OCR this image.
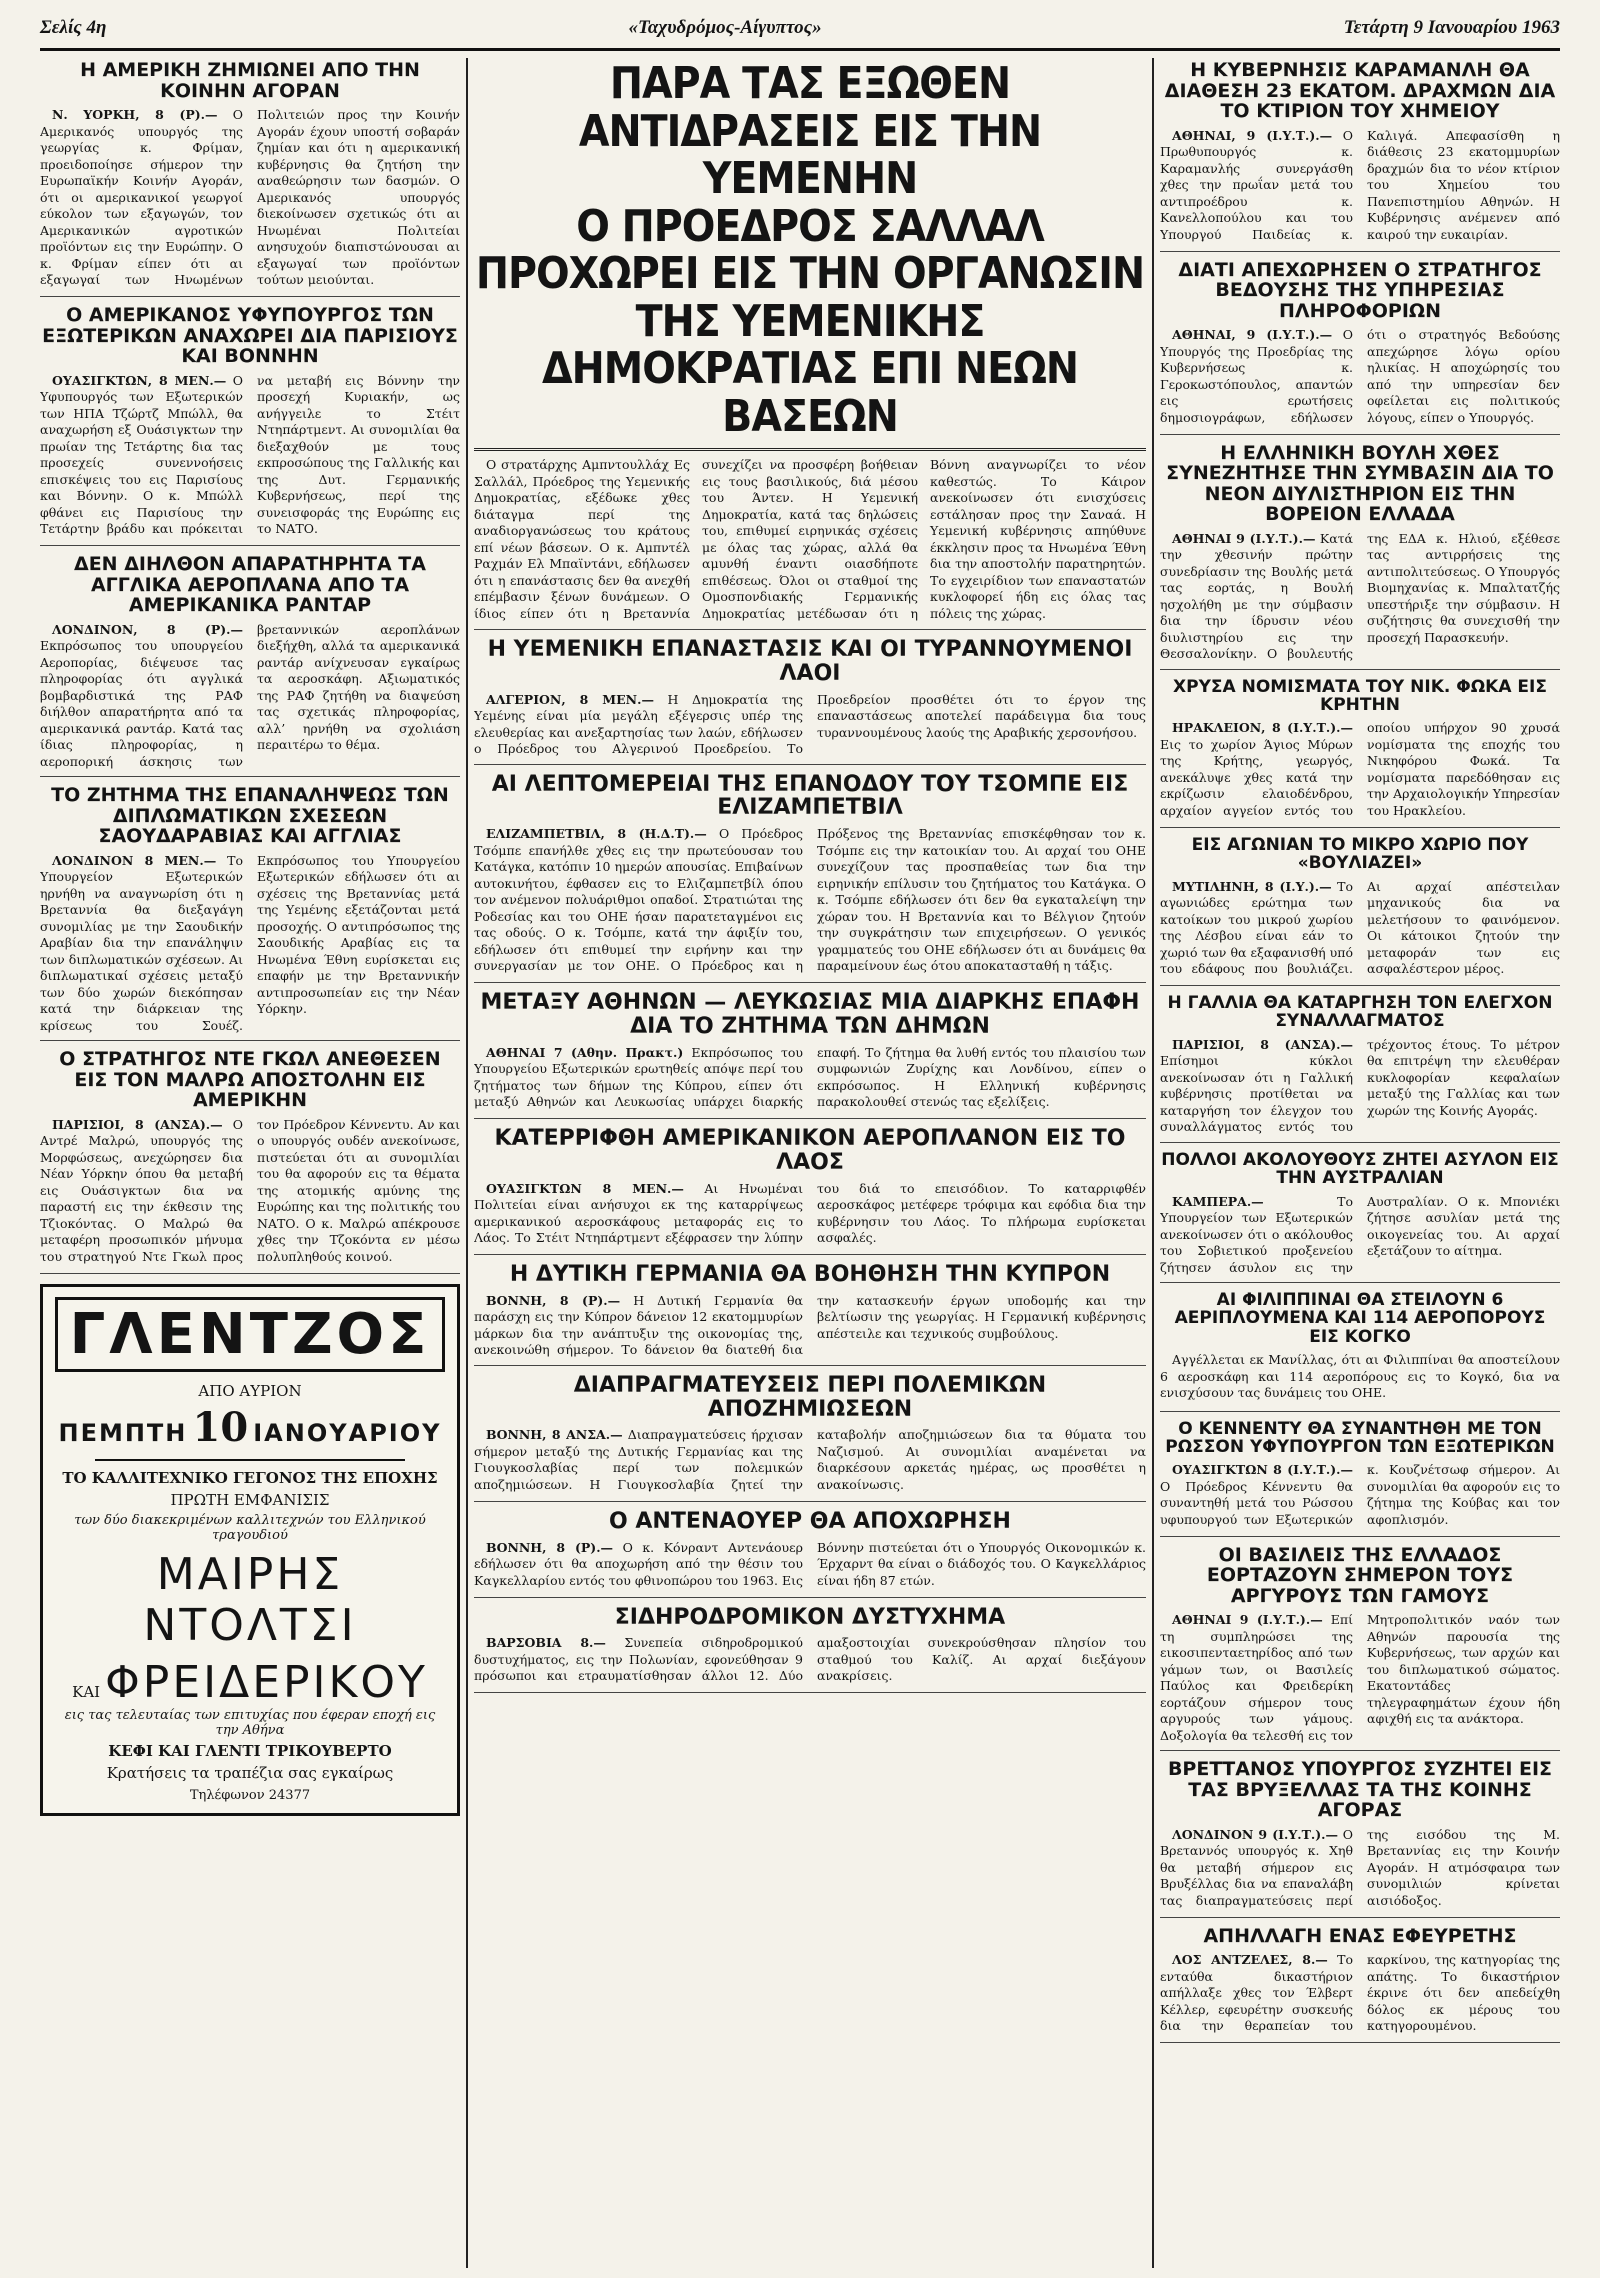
Σελίς 4η	«Ταχυδρόμος-Αίγυπτος»	Τετάρτη 9 Ιανουαρίου 1963
Η ΑΜΕΡΙΚΗ ΖΗΜΙΩΝΕΙ ΑΠΟ ΤΗΝ ΚΟΙΝΗΝ ΑΓΟΡΑΝ

Ν. ΥΟΡΚΗ, 8 (Ρ).— Ο Αμερικανός υπουργός της γεωργίας κ. Φρίμαν, προειδοποίησε σήμερον την Ευρωπαϊκήν Κοινήν Αγοράν, ότι οι αμερικανικοί γεωργοί εύκολον των εξαγωγών, τον Αμερικανικών αγροτικών προϊόντων εις την Ευρώπην. Ο κ. Φρίμαν είπεν ότι αι εξαγωγαί των Ηνωμένων Πολιτειών προς την Κοινήν Αγοράν έχουν υποστή σοβαράν ζημίαν και ότι η αμερικανική κυβέρνησις θα ζητήση την αναθεώρησιν των δασμών. Ο Αμερικανός υπουργός διεκοίνωσεν σχετικώς ότι αι Ηνωμέναι Πολιτείαι ανησυχούν διαπιστώνουσαι αι εξαγωγαί των προϊόντων τούτων μειούνται.

Ο ΑΜΕΡΙΚΑΝΟΣ ΥΦΥΠΟΥΡΓΟΣ ΤΩΝ ΕΞΩΤΕΡΙΚΩΝ ΑΝΑΧΩΡΕΙ ΔΙΑ ΠΑΡΙΣΙΟΥΣ ΚΑΙ ΒΟΝΝΗΝ

ΟΥΑΣΙΓΚΤΩΝ, 8 ΜΕΝ.— Ο Υφυπουργός των Εξωτερικών των ΗΠΑ Τζώρτζ Μπώλλ, θα αναχωρήση εξ Ουάσιγκτων την πρωίαν της Τετάρτης δια τας προσεχείς συνεννοήσεις επισκέψεις του εις Παρισίους και Βόννην. Ο κ. Μπώλλ φθάνει εις Παρισίους την Τετάρτην βράδυ και πρόκειται να μεταβή εις Βόννην την προσεχή Κυριακήν, ως ανήγγειλε το Στέιτ Ντηπάρτμεντ. Αι συνομιλίαι θα διεξαχθούν με τους εκπροσώπους της Γαλλικής και της Δυτ. Γερμανικής Κυβερνήσεως, περί της συνεισφοράς της Ευρώπης εις το ΝΑΤΟ.

ΔΕΝ ΔΙΗΛΘΟΝ ΑΠΑΡΑΤΗΡΗΤΑ ΤΑ ΑΓΓΛΙΚΑ ΑΕΡΟΠΛΑΝΑ ΑΠΟ ΤΑ ΑΜΕΡΙΚΑΝΙΚΑ ΡΑΝΤΑΡ

ΛΟΝΔΙΝΟΝ, 8 (Ρ).— Εκπρόσωπος του υπουργείου Αεροπορίας, διέψευσε τας πληροφορίας ότι αγγλικά βομβαρδιστικά της ΡΑΦ διήλθον απαρατήρητα από τα αμερικανικά ραντάρ. Κατά τας ίδιας πληροφορίας, η αεροπορική άσκησις των βρεταννικών αεροπλάνων διεξήχθη, αλλά τα αμερικανικά ραντάρ ανίχνευσαν εγκαίρως τα αεροσκάφη. Αξιωματικός της ΡΑΦ ζητήθη να διαψεύση τας σχετικάς πληροφορίας, αλλ’ ηρνήθη να σχολιάση περαιτέρω το θέμα.

ΤΟ ΖΗΤΗΜΑ ΤΗΣ ΕΠΑΝΑΛΗΨΕΩΣ ΤΩΝ ΔΙΠΛΩΜΑΤΙΚΩΝ ΣΧΕΣΕΩΝ ΣΑΟΥΔΑΡΑΒΙΑΣ ΚΑΙ ΑΓΓΛΙΑΣ

ΛΟΝΔΙΝΟΝ 8 ΜΕΝ.— Το Υπουργείον Εξωτερικών ηρνήθη να αναγνωρίση ότι η Βρεταννία θα διεξαγάγη συνομιλίας με την Σαουδικήν Αραβίαν δια την επανάληψιν των διπλωματικών σχέσεων. Αι διπλωματικαί σχέσεις μεταξύ των δύο χωρών διεκόπησαν κατά την διάρκειαν της κρίσεως του Σουέζ. Εκπρόσωπος του Υπουργείου Εξωτερικών εδήλωσεν ότι αι σχέσεις της Βρεταννίας μετά της Υεμένης εξετάζονται μετά προσοχής. Ο αντιπρόσωπος της Σαουδικής Αραβίας εις τα Ηνωμένα Έθνη ευρίσκεται εις επαφήν με την Βρεταννικήν αντιπροσωπείαν εις την Νέαν Υόρκην.

Ο ΣΤΡΑΤΗΓΟΣ ΝΤΕ ΓΚΩΛ ΑΝΕΘΕΣΕΝ ΕΙΣ ΤΟΝ ΜΑΛΡΩ ΑΠΟΣΤΟΛΗΝ ΕΙΣ ΑΜΕΡΙΚΗΝ

ΠΑΡΙΣΙΟΙ, 8 (ΑΝΣΑ).— Ο Αντρέ Μαλρώ, υπουργός της Μορφώσεως, ανεχώρησεν δια Νέαν Υόρκην όπου θα μεταβή εις Ουάσιγκτων δια να παραστή εις την έκθεσιν της Τζιοκόντας. Ο Μαλρώ θα μεταφέρη προσωπικόν μήνυμα του στρατηγού Ντε Γκωλ προς τον Πρόεδρον Κέννεντυ. Αν και ο υπουργός ουδέν ανεκοίνωσε, πιστεύεται ότι αι συνομιλίαι του θα αφορούν εις τα θέματα της ατομικής αμύνης της Ευρώπης και της πολιτικής του ΝΑΤΟ. Ο κ. Μαλρώ απέκρουσε χθες την Τζοκόντα εν μέσω πολυπληθούς κοινού.

ΓΛΕΝΤΖΟΣ
ΑΠΟ ΑΥΡΙΟΝ
ΠΕΜΠΤΗ 10 ΙΑΝΟΥΑΡΙΟΥ
ΤΟ ΚΑΛΛΙΤΕΧΝΙΚΟ ΓΕΓΟΝΟΣ ΤΗΣ ΕΠΟΧΗΣ
ΠΡΩΤΗ ΕΜΦΑΝΙΣΙΣ
των δύο διακεκριμένων καλλιτεχνών του Ελληνικού τραγουδιού
ΜΑΙΡΗΣ ΝΤΟΛΤΣΙ
ΚΑΙ ΦΡΕΙΔΕΡΙΚΟΥ
εις τας τελευταίας των επιτυχίας που έφεραν εποχή εις την Αθήνα
ΚΕΦΙ ΚΑΙ ΓΛΕΝΤΙ ΤΡΙΚΟΥΒΕΡΤΟ
Κρατήσεις τα τραπέζια σας εγκαίρως
Τηλέφωνον 24377
ΠΑΡΑ ΤΑΣ ΕΞΩΘΕΝ ΑΝΤΙΔΡΑΣΕΙΣ ΕΙΣ ΤΗΝ ΥΕΜΕΝΗΝ
Ο ΠΡΟΕΔΡΟΣ ΣΑΛΛΑΛ ΠΡΟΧΩΡΕΙ ΕΙΣ ΤΗΝ ΟΡΓΑΝΩΣΙΝ
ΤΗΣ ΥΕΜΕΝΙΚΗΣ ΔΗΜΟΚΡΑΤΙΑΣ ΕΠΙ ΝΕΩΝ ΒΑΣΕΩΝ

Ο στρατάρχης Αμπντουλλάχ Ες Σαλλάλ, Πρόεδρος της Υεμενικής Δημοκρατίας, εξέδωκε χθες διάταγμα περί της αναδιοργανώσεως του κράτους επί νέων βάσεων. Ο κ. Αμπντέλ Ραχμάν Ελ Μπαϊντάνι, εδήλωσεν ότι η επανάστασις δεν θα ανεχθή επέμβασιν ξένων δυνάμεων. Ο ίδιος είπεν ότι η Βρεταννία συνεχίζει να προσφέρη βοήθειαν εις τους βασιλικούς, διά μέσου του Άντεν. Η Υεμενική Δημοκρατία, κατά τας δηλώσεις του, επιθυμεί ειρηνικάς σχέσεις με όλας τας χώρας, αλλά θα αμυνθή έναντι οιασδήποτε επιθέσεως. Όλοι οι σταθμοί της Ομοσπονδιακής Γερμανικής Δημοκρατίας μετέδωσαν ότι η Βόννη αναγνωρίζει το νέον καθεστώς. Το Κάιρον ανεκοίνωσεν ότι ενισχύσεις εστάλησαν προς την Σαναά. Η Υεμενική κυβέρνησις απηύθυνε έκκλησιν προς τα Ηνωμένα Έθνη δια την αποστολήν παρατηρητών. Το εγχειρίδιον των επαναστατών κυκλοφορεί ήδη εις όλας τας πόλεις της χώρας.

Η ΥΕΜΕΝΙΚΗ ΕΠΑΝΑΣΤΑΣΙΣ ΚΑΙ ΟΙ ΤΥΡΑΝΝΟΥΜΕΝΟΙ ΛΑΟΙ

ΑΛΓΕΡΙΟΝ, 8 ΜΕΝ.— Η Δημοκρατία της Υεμένης είναι μία μεγάλη εξέγερσις υπέρ της ελευθερίας και ανεξαρτησίας των λαών, εδήλωσεν ο Πρόεδρος του Αλγερινού Προεδρείου. Το Προεδρείον προσθέτει ότι το έργον της επαναστάσεως αποτελεί παράδειγμα δια τους τυραννουμένους λαούς της Αραβικής χερσονήσου.

ΑΙ ΛΕΠΤΟΜΕΡΕΙΑΙ ΤΗΣ ΕΠΑΝΟΔΟΥ ΤΟΥ ΤΣΟΜΠΕ ΕΙΣ ΕΛΙΖΑΜΠΕΤΒΙΛ

ΕΛΙΖΑΜΠΕΤΒΙΛ, 8 (Η.Δ.Τ).— Ο Πρόεδρος Τσόμπε επανήλθε χθες εις την πρωτεύουσαν του Κατάγκα, κατόπιν 10 ημερών απουσίας. Επιβαίνων αυτοκινήτου, έφθασεν εις το Ελιζαμπετβίλ όπου τον ανέμενον πολυάριθμοι οπαδοί. Στρατιώται της Ροδεσίας και του ΟΗΕ ήσαν παρατεταγμένοι εις τας οδούς. Ο κ. Τσόμπε, κατά την άφιξίν του, εδήλωσεν ότι επιθυμεί την ειρήνην και την συνεργασίαν με τον ΟΗΕ. Ο Πρόεδρος και η Πρόξενος της Βρεταννίας επισκέφθησαν τον κ. Τσόμπε εις την κατοικίαν του. Αι αρχαί του ΟΗΕ συνεχίζουν τας προσπαθείας των δια την ειρηνικήν επίλυσιν του ζητήματος του Κατάγκα. Ο κ. Τσόμπε εδήλωσεν ότι δεν θα εγκαταλείψη την χώραν του. Η Βρεταννία και το Βέλγιον ζητούν την συγκράτησιν των επιχειρήσεων. Ο γενικός γραμματεύς του ΟΗΕ εδήλωσεν ότι αι δυνάμεις θα παραμείνουν έως ότου αποκατασταθή η τάξις.

ΜΕΤΑΞΥ ΑΘΗΝΩΝ — ΛΕΥΚΩΣΙΑΣ ΜΙΑ ΔΙΑΡΚΗΣ ΕΠΑΦΗ ΔΙΑ ΤΟ ΖΗΤΗΜΑ ΤΩΝ ΔΗΜΩΝ

ΑΘΗΝΑΙ 7 (Αθην. Πρακτ.) Εκπρόσωπος του Υπουργείου Εξωτερικών ερωτηθείς απόψε περί του ζητήματος των δήμων της Κύπρου, είπεν ότι μεταξύ Αθηνών και Λευκωσίας υπάρχει διαρκής επαφή. Το ζήτημα θα λυθή εντός του πλαισίου των συμφωνιών Ζυρίχης και Λονδίνου, είπεν ο εκπρόσωπος. Η Ελληνική κυβέρνησις παρακολουθεί στενώς τας εξελίξεις.

ΚΑΤΕΡΡΙΦΘΗ ΑΜΕΡΙΚΑΝΙΚΟΝ ΑΕΡΟΠΛΑΝΟΝ ΕΙΣ ΤΟ ΛΑΟΣ

ΟΥΑΣΙΓΚΤΩΝ 8 ΜΕΝ.— Αι Ηνωμέναι Πολιτείαι είναι ανήσυχοι εκ της καταρρίψεως αμερικανικού αεροσκάφους μεταφοράς εις το Λάος. Το Στέιτ Ντηπάρτμεντ εξέφρασεν την λύπην του διά το επεισόδιον. Το καταρριφθέν αεροσκάφος μετέφερε τρόφιμα και εφόδια δια την κυβέρνησιν του Λάος. Το πλήρωμα ευρίσκεται ασφαλές.

Η ΔΥΤΙΚΗ ΓΕΡΜΑΝΙΑ ΘΑ ΒΟΗΘΗΣΗ ΤΗΝ ΚΥΠΡΟΝ

ΒΟΝΝΗ, 8 (Ρ).— Η Δυτική Γερμανία θα παράσχη εις την Κύπρον δάνειον 12 εκατομμυρίων μάρκων δια την ανάπτυξιν της οικονομίας της, ανεκοινώθη σήμερον. Το δάνειον θα διατεθή δια την κατασκευήν έργων υποδομής και την βελτίωσιν της γεωργίας. Η Γερμανική κυβέρνησις απέστειλε και τεχνικούς συμβούλους.

ΔΙΑΠΡΑΓΜΑΤΕΥΣΕΙΣ ΠΕΡΙ ΠΟΛΕΜΙΚΩΝ ΑΠΟΖΗΜΙΩΣΕΩΝ

ΒΟΝΝΗ, 8 ΑΝΣΑ.— Διαπραγματεύσεις ήρχισαν σήμερον μεταξύ της Δυτικής Γερμανίας και της Γιουγκοσλαβίας περί των πολεμικών αποζημιώσεων. Η Γιουγκοσλαβία ζητεί την καταβολήν αποζημιώσεων δια τα θύματα του Ναζισμού. Αι συνομιλίαι αναμένεται να διαρκέσουν αρκετάς ημέρας, ως προσθέτει η ανακοίνωσις.

Ο ΑΝΤΕΝΑΟΥΕΡ ΘΑ ΑΠΟΧΩΡΗΣΗ

ΒΟΝΝΗ, 8 (Ρ).— Ο κ. Κόνραντ Αντενάουερ εδήλωσεν ότι θα αποχωρήση από την θέσιν του Καγκελλαρίου εντός του φθινοπώρου του 1963. Εις Βόννην πιστεύεται ότι ο Υπουργός Οικονομικών κ. Έρχαρντ θα είναι ο διάδοχός του. Ο Καγκελλάριος είναι ήδη 87 ετών.

ΣΙΔΗΡΟΔΡΟΜΙΚΟΝ ΔΥΣΤΥΧΗΜΑ

ΒΑΡΣΟΒΙΑ 8.— Συνεπεία σιδηροδρομικού δυστυχήματος, εις την Πολωνίαν, εφονεύθησαν 9 πρόσωποι και ετραυματίσθησαν άλλοι 12. Δύο αμαξοστοιχίαι συνεκρούσθησαν πλησίον του σταθμού του Καλίζ. Αι αρχαί διεξάγουν ανακρίσεις.

Η ΚΥΒΕΡΝΗΣΙΣ ΚΑΡΑΜΑΝΛΗ ΘΑ ΔΙΑΘΕΣΗ 23 ΕΚΑΤΟΜ. ΔΡΑΧΜΩΝ ΔΙΑ ΤΟ ΚΤΙΡΙΟΝ ΤΟΥ ΧΗΜΕΙΟΥ

ΑΘΗΝΑΙ, 9 (Ι.Υ.Τ.).— Ο Πρωθυπουργός κ. Καραμανλής συνεργάσθη χθες την πρωΐαν μετά του αντιπροέδρου κ. Κανελλοπούλου και του Υπουργού Παιδείας κ. Καλιγά. Απεφασίσθη η διάθεσις 23 εκατομμυρίων δραχμών δια το νέον κτίριον του Χημείου του Πανεπιστημίου Αθηνών. Η Κυβέρνησις ανέμενεν από καιρού την ευκαιρίαν.

ΔΙΑΤΙ ΑΠΕΧΩΡΗΣΕΝ Ο ΣΤΡΑΤΗΓΟΣ ΒΕΔΟΥΣΗΣ ΤΗΣ ΥΠΗΡΕΣΙΑΣ ΠΛΗΡΟΦΟΡΙΩΝ

ΑΘΗΝΑΙ, 9 (Ι.Υ.Τ.).— Ο Υπουργός της Προεδρίας της Κυβερνήσεως κ. Γεροκωστόπουλος, απαντών εις ερωτήσεις δημοσιογράφων, εδήλωσεν ότι ο στρατηγός Βεδούσης απεχώρησε λόγω ορίου ηλικίας. Η αποχώρησίς του από την υπηρεσίαν δεν οφείλεται εις πολιτικούς λόγους, είπεν ο Υπουργός.

Η ΕΛΛΗΝΙΚΗ ΒΟΥΛΗ ΧΘΕΣ ΣΥΝΕΖΗΤΗΣΕ ΤΗΝ ΣΥΜΒΑΣΙΝ ΔΙΑ ΤΟ ΝΕΟΝ ΔΙΥΛΙΣΤΗΡΙΟΝ ΕΙΣ ΤΗΝ ΒΟΡΕΙΟΝ ΕΛΛΑΔΑ

ΑΘΗΝΑΙ 9 (Ι.Υ.Τ.).— Κατά την χθεσινήν πρώτην συνεδρίασιν της Βουλής μετά τας εορτάς, η Βουλή ησχολήθη με την σύμβασιν δια την ίδρυσιν νέου διυλιστηρίου εις την Θεσσαλονίκην. Ο βουλευτής της ΕΔΑ κ. Ηλιού, εξέθεσε τας αντιρρήσεις της αντιπολιτεύσεως. Ο Υπουργός Βιομηχανίας κ. Μπαλτατζής υπεστήριξε την σύμβασιν. Η συζήτησις θα συνεχισθή την προσεχή Παρασκευήν.

ΧΡΥΣΑ ΝΟΜΙΣΜΑΤΑ ΤΟΥ ΝΙΚ. ΦΩΚΑ ΕΙΣ ΚΡΗΤΗΝ

ΗΡΑΚΛΕΙΟΝ, 8 (Ι.Υ.Τ.).— Εις το χωρίον Άγιος Μύρων της Κρήτης, γεωργός, ανεκάλυψε χθες κατά την εκρίζωσιν ελαιοδένδρου, αρχαίον αγγείον εντός του οποίου υπήρχον 90 χρυσά νομίσματα της εποχής του Νικηφόρου Φωκά. Τα νομίσματα παρεδόθησαν εις την Αρχαιολογικήν Υπηρεσίαν του Ηρακλείου.

ΕΙΣ ΑΓΩΝΙΑΝ ΤΟ ΜΙΚΡΟ ΧΩΡΙΟ ΠΟΥ «ΒΟΥΛΙΑΖΕΙ»

ΜΥΤΙΛΗΝΗ, 8 (Ι.Υ.).— Το αγωνιώδες ερώτημα των κατοίκων του μικρού χωρίου της Λέσβου είναι εάν το χωριό των θα εξαφανισθή υπό του εδάφους που βουλιάζει. Αι αρχαί απέστειλαν μηχανικούς δια να μελετήσουν το φαινόμενον. Οι κάτοικοι ζητούν την μεταφοράν των εις ασφαλέστερον μέρος.

Η ΓΑΛΛΙΑ ΘΑ ΚΑΤΑΡΓΗΣΗ ΤΟΝ ΕΛΕΓΧΟΝ ΣΥΝΑΛΛΑΓΜΑΤΟΣ

ΠΑΡΙΣΙΟΙ, 8 (ΑΝΣΑ).— Επίσημοι κύκλοι ανεκοίνωσαν ότι η Γαλλική κυβέρνησις προτίθεται να καταργήση τον έλεγχον του συναλλάγματος εντός του τρέχοντος έτους. Το μέτρον θα επιτρέψη την ελευθέραν κυκλοφορίαν κεφαλαίων μεταξύ της Γαλλίας και των χωρών της Κοινής Αγοράς.

ΠΟΛΛΟΙ ΑΚΟΛΟΥΘΟΥΣ ΖΗΤΕΙ ΑΣΥΛΟΝ ΕΙΣ ΤΗΝ ΑΥΣΤΡΑΛΙΑΝ

ΚΑΜΠΕΡΑ.—	Το Υπουργείον των Εξωτερικών ανεκοίνωσεν ότι ο ακόλουθος του Σοβιετικού προξενείου ζήτησεν άσυλον εις την Αυστραλίαν. Ο κ. Μπονιέκι ζήτησε ασυλίαν μετά της οικογενείας του. Αι αρχαί εξετάζουν το αίτημα.

ΑΙ ΦΙΛΙΠΠΙΝΑΙ ΘΑ ΣΤΕΙΛΟΥΝ 6 ΑΕΡΙΠΛΟΥΜΕΝΑ ΚΑΙ 114 ΑΕΡΟΠΟΡΟΥΣ ΕΙΣ ΚΟΓΚΟ

Αγγέλλεται εκ Μανίλλας, ότι αι Φιλιππίναι θα αποστείλουν 6 αεροσκάφη και 114 αεροπόρους εις το Κογκό, δια να ενισχύσουν τας δυνάμεις του ΟΗΕ.

Ο ΚΕΝΝΕΝΤΥ ΘΑ ΣΥΝΑΝΤΗΘΗ ΜΕ ΤΟΝ ΡΩΣΣΟΝ ΥΦΥΠΟΥΡΓΟΝ ΤΩΝ ΕΞΩΤΕΡΙΚΩΝ

ΟΥΑΣΙΓΚΤΩΝ 8 (Ι.Υ.Τ.).— Ο Πρόεδρος Κέννεντυ θα συναντηθή μετά του Ρώσσου υφυπουργού των Εξωτερικών κ. Κουζνέτσωφ σήμερον. Αι συνομιλίαι θα αφορούν εις το ζήτημα της Κούβας και τον αφοπλισμόν.

ΟΙ ΒΑΣΙΛΕΙΣ ΤΗΣ ΕΛΛΑΔΟΣ ΕΟΡΤΑΖΟΥΝ ΣΗΜΕΡΟΝ ΤΟΥΣ ΑΡΓΥΡΟΥΣ ΤΩΝ ΓΑΜΟΥΣ

ΑΘΗΝΑΙ 9 (Ι.Υ.Τ.).— Επί τη συμπληρώσει της εικοσιπενταετηρίδος από των γάμων των, οι Βασιλείς Παύλος και Φρειδερίκη εορτάζουν σήμερον τους αργυρούς των γάμους. Δοξολογία θα τελεσθή εις τον Μητροπολιτικόν ναόν των Αθηνών παρουσία της Κυβερνήσεως, των αρχών και του διπλωματικού σώματος. Εκατοντάδες τηλεγραφημάτων έχουν ήδη αφιχθή εις τα ανάκτορα.

ΒΡΕΤΤΑΝΟΣ ΥΠΟΥΡΓΟΣ ΣΥΖΗΤΕΙ ΕΙΣ ΤΑΣ ΒΡΥΞΕΛΛΑΣ ΤΑ ΤΗΣ ΚΟΙΝΗΣ ΑΓΟΡΑΣ

ΛΟΝΔΙΝΟΝ 9 (Ι.Υ.Τ.).— Ο Βρεταννός υπουργός κ. Χηθ θα μεταβή σήμερον εις Βρυξέλλας δια να επαναλάβη τας διαπραγματεύσεις περί της εισόδου της Μ. Βρεταννίας εις την Κοινήν Αγοράν. Η ατμόσφαιρα των συνομιλιών κρίνεται αισιόδοξος.

ΑΠΗΛΛΑΓΗ ΕΝΑΣ ΕΦΕΥΡΕΤΗΣ

ΛΟΣ ΑΝΤΖΕΛΕΣ, 8.— Το ενταύθα δικαστήριον απήλλαξε χθες τον Έλβερτ Κέλλερ, εφευρέτην συσκευής δια την θεραπείαν του καρκίνου, της κατηγορίας της απάτης. Το δικαστήριον έκρινε ότι δεν απεδείχθη δόλος εκ μέρους του κατηγορουμένου.
